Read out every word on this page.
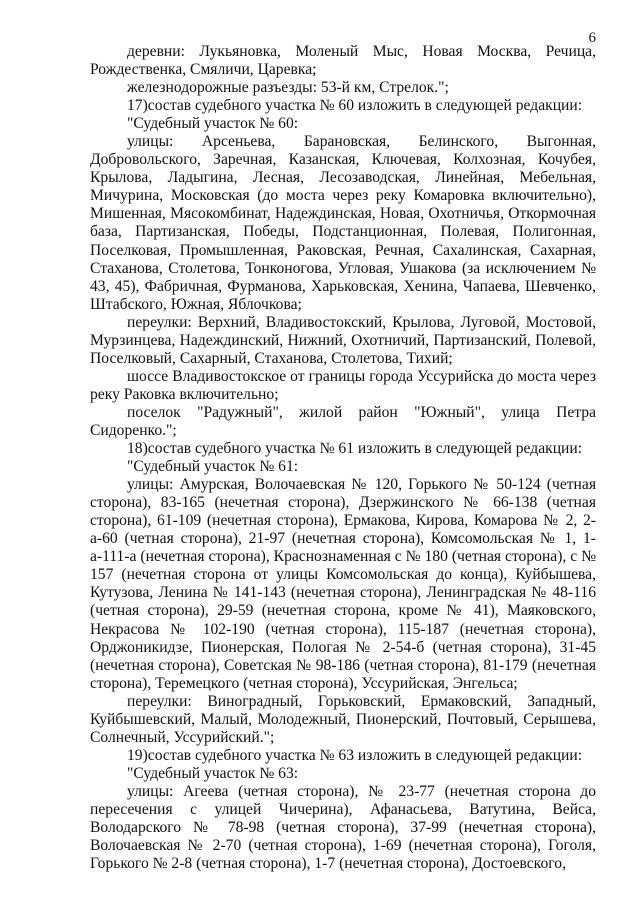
6

деревни: Лукьяновка, Моленый Мыс, Новая Москва, Речица, Рождественка, Смяличи, Царевка;

железнодорожные разъезды: 53-й км, Стрелок.";

17)состав судебного участка № 60 изложить в следующей редакции:

"Судебный участок № 60:

улицы: Арсеньева, Барановская, Белинского, Выгонная, Добровольского, Заречная, Казанская, Ключевая, Колхозная, Кочубея, Крылова, Ладыгина, Лесная, Лесозаводская, Линейная, Мебельная, Мичурина, Московская (до моста через реку Комаровка включительно), Мишенная, Мясокомбинат, Надеждинская, Новая, Охотничья, Откормочная база, Партизанская, Победы, Подстанционная, Полевая, Полигонная, Поселковая, Промышленная, Раковская, Речная, Сахалинская, Сахарная, Стаханова, Столетова, Тонконогова, Угловая, Ушакова (за исключением № 43, 45), Фабричная, Фурманова, Харьковская, Хенина, Чапаева, Шевченко, Штабского, Южная, Яблочкова;

переулки: Верхний, Владивостокский, Крылова, Луговой, Мостовой, Мурзинцева, Надеждинский, Нижний, Охотничий, Партизанский, Полевой, Поселковый, Сахарный, Стаханова, Столетова, Тихий;

шоссе Владивостокское от границы города Уссурийска до моста через реку Раковка включительно;

поселок "Радужный", жилой район "Южный", улица Петра Сидоренко.";

18)состав судебного участка № 61 изложить в следующей редакции:

"Судебный участок № 61:

улицы: Амурская, Волочаевская № 120, Горького № 50-124 (четная сторона), 83-165 (нечетная сторона), Дзержинского № 66-138 (четная сторона), 61-109 (нечетная сторона), Ермакова, Кирова, Комарова № 2, 2-а-60 (четная сторона), 21-97 (нечетная сторона), Комсомольская № 1, 1-а-111-а (нечетная сторона), Краснознаменная с № 180 (четная сторона), с № 157 (нечетная сторона от улицы Комсомольская до конца), Куйбышева, Кутузова, Ленина № 141-143 (нечетная сторона), Ленинградская № 48-116 (четная сторона), 29-59 (нечетная сторона, кроме № 41), Маяковского, Некрасова № 102-190 (четная сторона), 115-187 (нечетная сторона), Орджоникидзе, Пионерская, Пологая № 2-54-б (четная сторона), 31-45 (нечетная сторона), Советская № 98-186 (четная сторона), 81-179 (нечетная сторона), Теремецкого (четная сторона), Уссурийская, Энгельса;

переулки: Виноградный, Горьковский, Ермаковский, Западный, Куйбышевский, Малый, Молодежный, Пионерский, Почтовый, Серышева, Солнечный, Уссурийский.";

19)состав судебного участка № 63 изложить в следующей редакции:

"Судебный участок № 63:

улицы: Агеева (четная сторона), № 23-77 (нечетная сторона до пересечения с улицей Чичерина), Афанасьева, Ватутина, Вейса, Володарского № 78-98 (четная сторона), 37-99 (нечетная сторона), Волочаевская № 2-70 (четная сторона), 1-69 (нечетная сторона), Гоголя, Горького № 2-8 (четная сторона), 1-7 (нечетная сторона), Достоевского,
